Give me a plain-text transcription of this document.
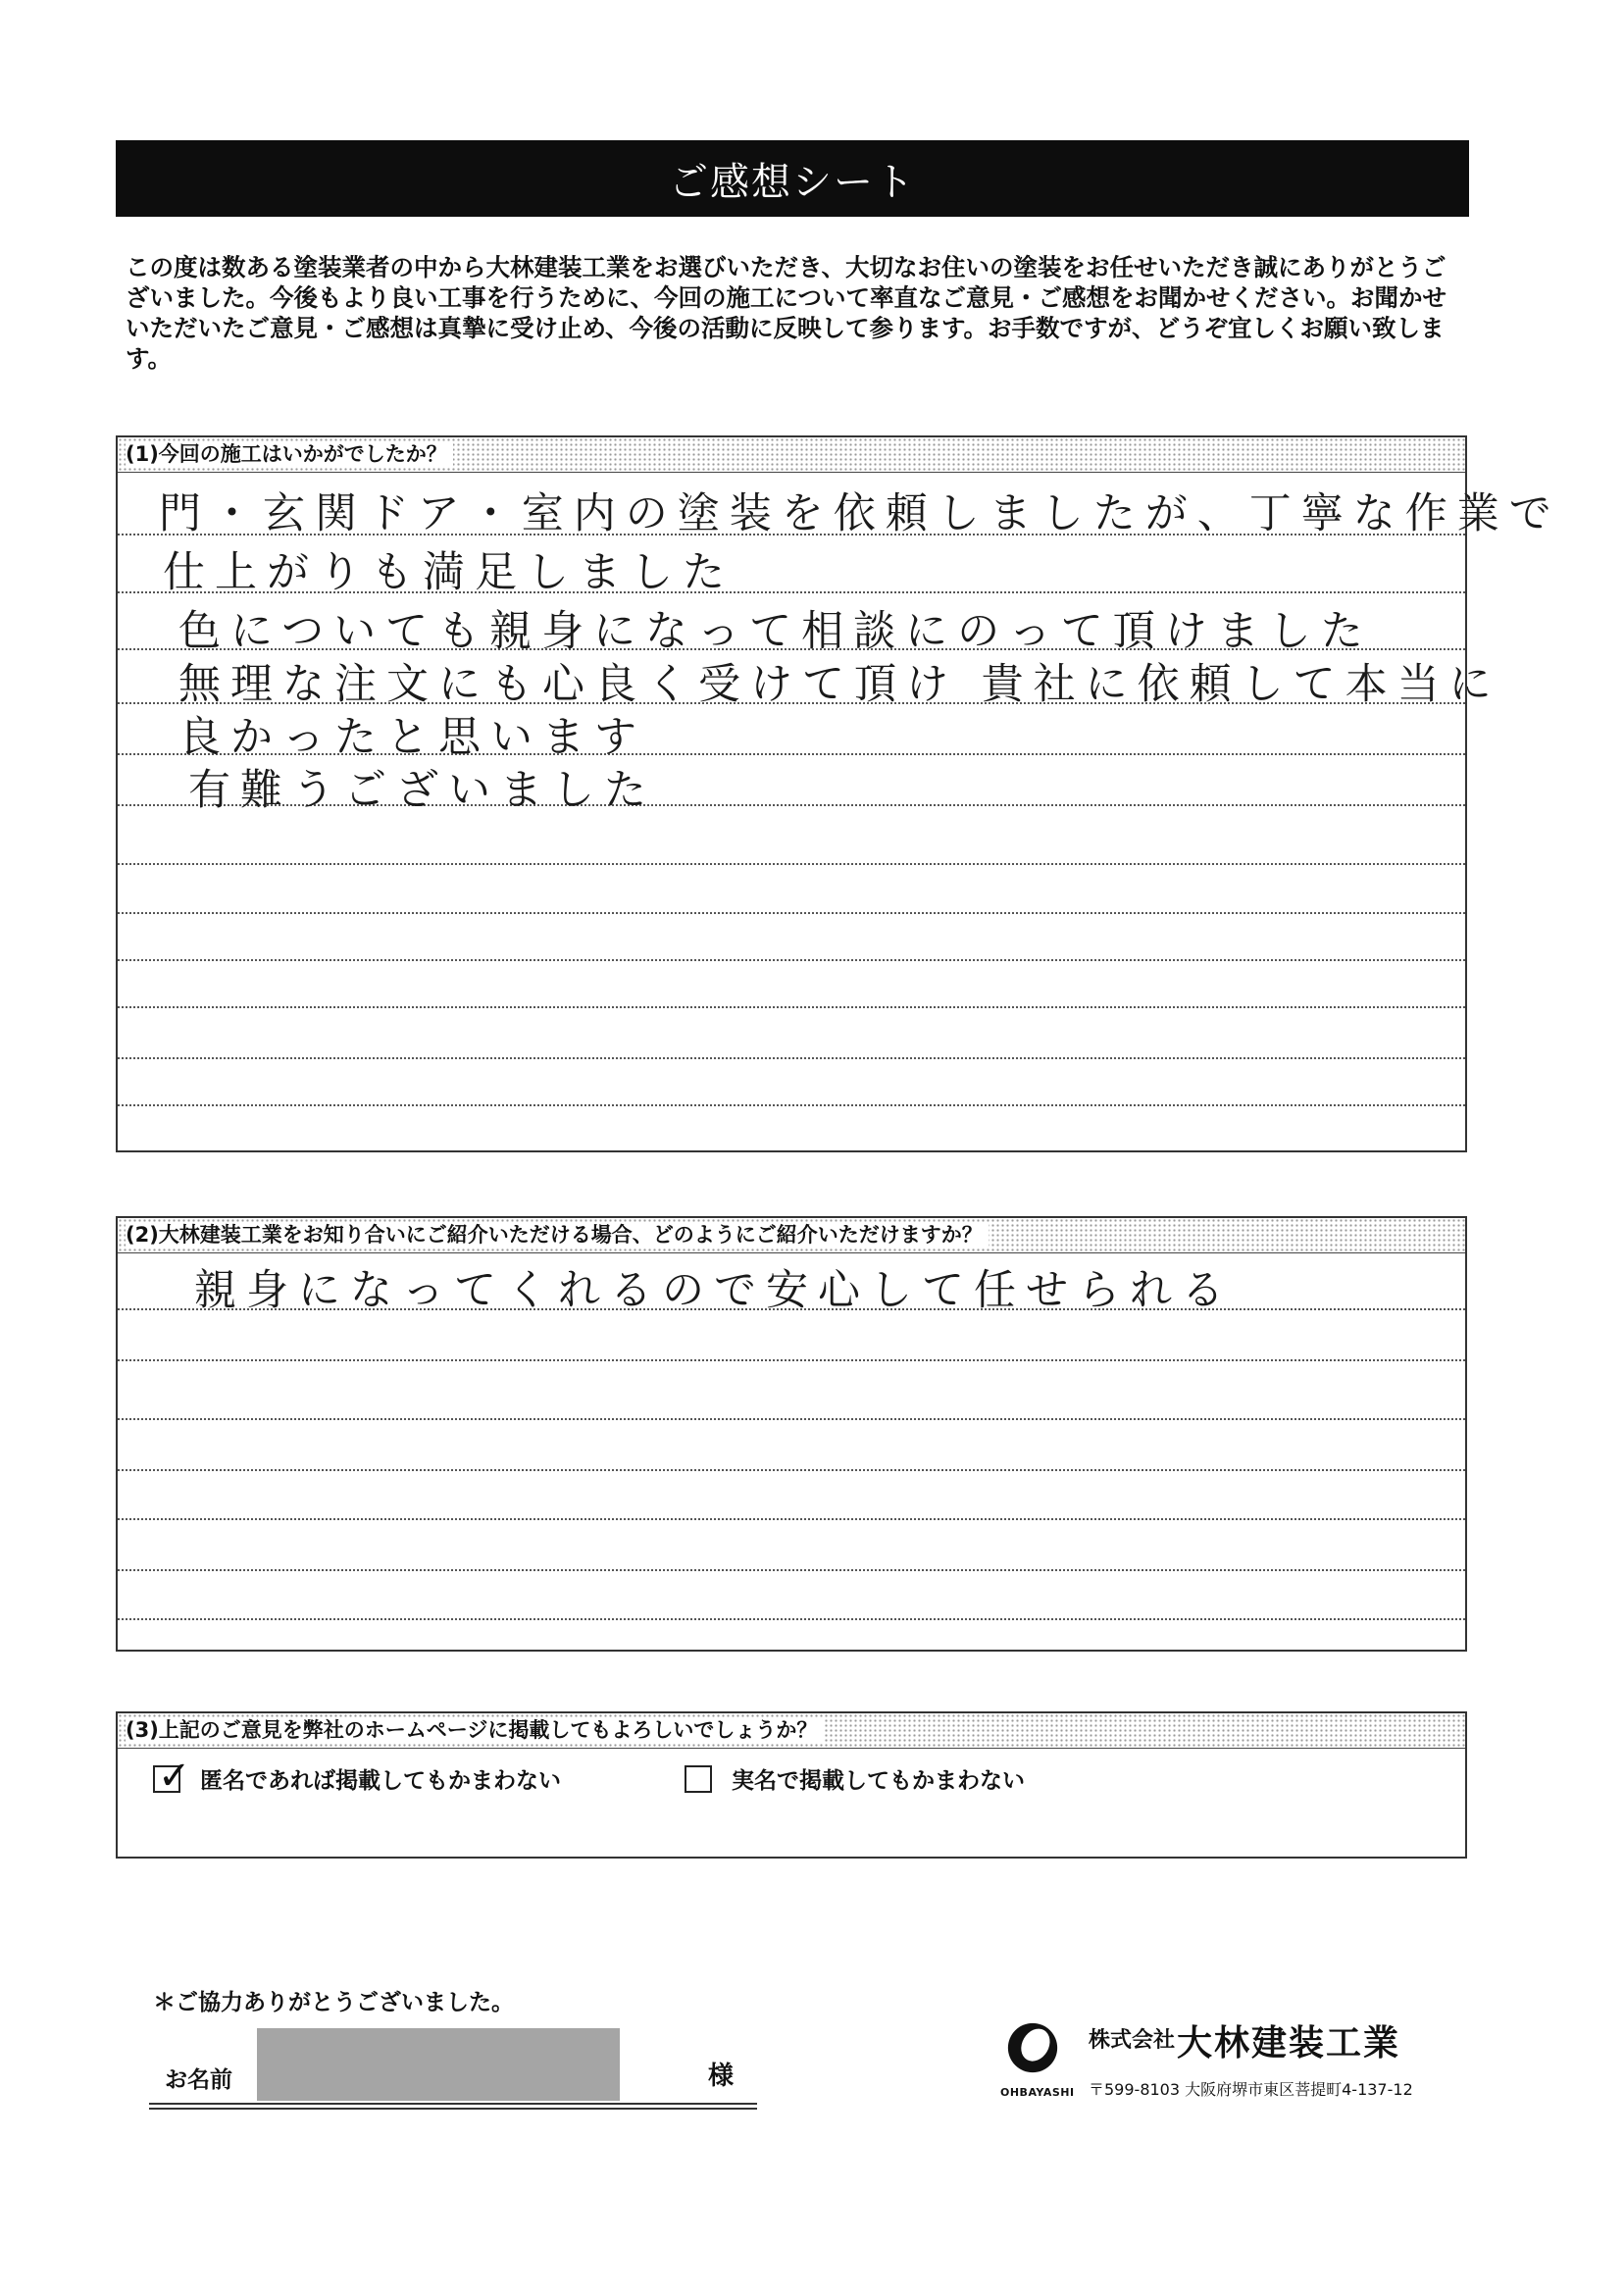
ご感想シート

この度は数ある塗装業者の中から大林建装工業をお選びいただき、大切なお住いの塗装をお任せいただき誠にありがとうございました。今後もより良い工事を行うために、今回の施工について率直なご意見・ご感想をお聞かせください。お聞かせいただいたご意見・ご感想は真摯に受け止め、今後の活動に反映して参ります。お手数ですが、どうぞ宜しくお願い致します。

(1)今回の施工はいかがでしたか？
門・玄関ドア・室内の塗装を依頼しましたが、丁寧な作業で
仕上がりも満足しました
色についても親身になって相談にのって頂けました
無理な注文にも心良く受けて頂け 貴社に依頼して本当に
良かったと思います
有難うございました
(2)大林建装工業をお知り合いにご紹介いただける場合、どのようにご紹介いただけますか？
親身になってくれるので安心して任せられる
(3)上記のご意見を弊社のホームページに掲載してもよろしいでしょうか？
✓ 匿名であれば掲載してもかまわない	実名で掲載してもかまわない
＊ご協力ありがとうございました。
お名前	様
OHBAYASHI
株式会社 大林建装工業
〒599-8103 大阪府堺市東区菩提町4-137-12
